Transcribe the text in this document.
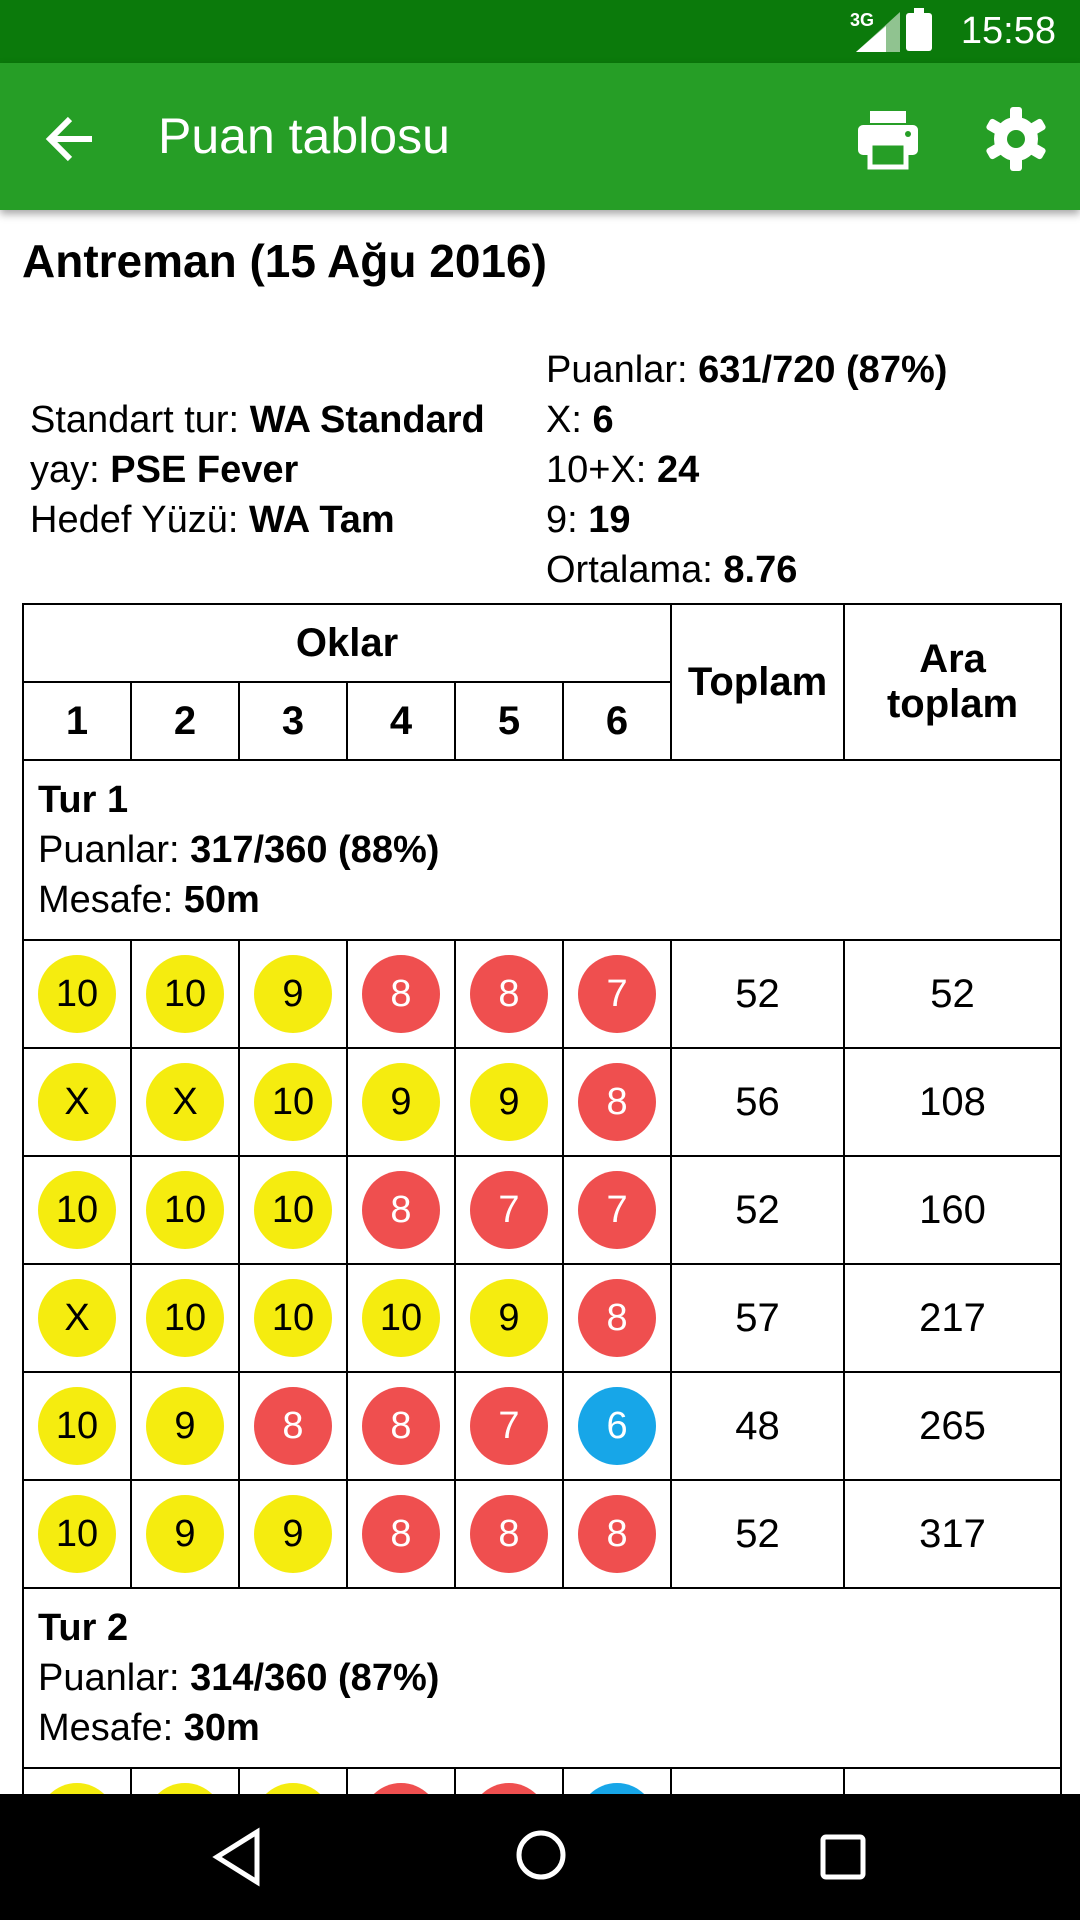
3G 15:58
Puan tablosu
Antreman (15 Ağu 2016)
Standart tur: WA Standard
yay: PSE Fever
Hedef Yüzü: WA Tam
Puanlar: 631/720 (87%)
X: 6
10+X: 24
9: 19
Ortalama: 8.76
Oklar						Toplam	Ara
toplam

1	2	3	4	5	6		

Tur 1
Puanlar: 317/360 (88%)
Mesafe: 50m							

10	10	9	8	8	7	52	52
X	X	10	9	9	8	56	108
10	10	10	8	7	7	52	160
X	10	10	10	9	8	57	217
10	9	8	8	7	6	48	265
10	9	9	8	8	8	52	317

Tur 2
Puanlar: 314/360 (87%)
Mesafe: 30m							
